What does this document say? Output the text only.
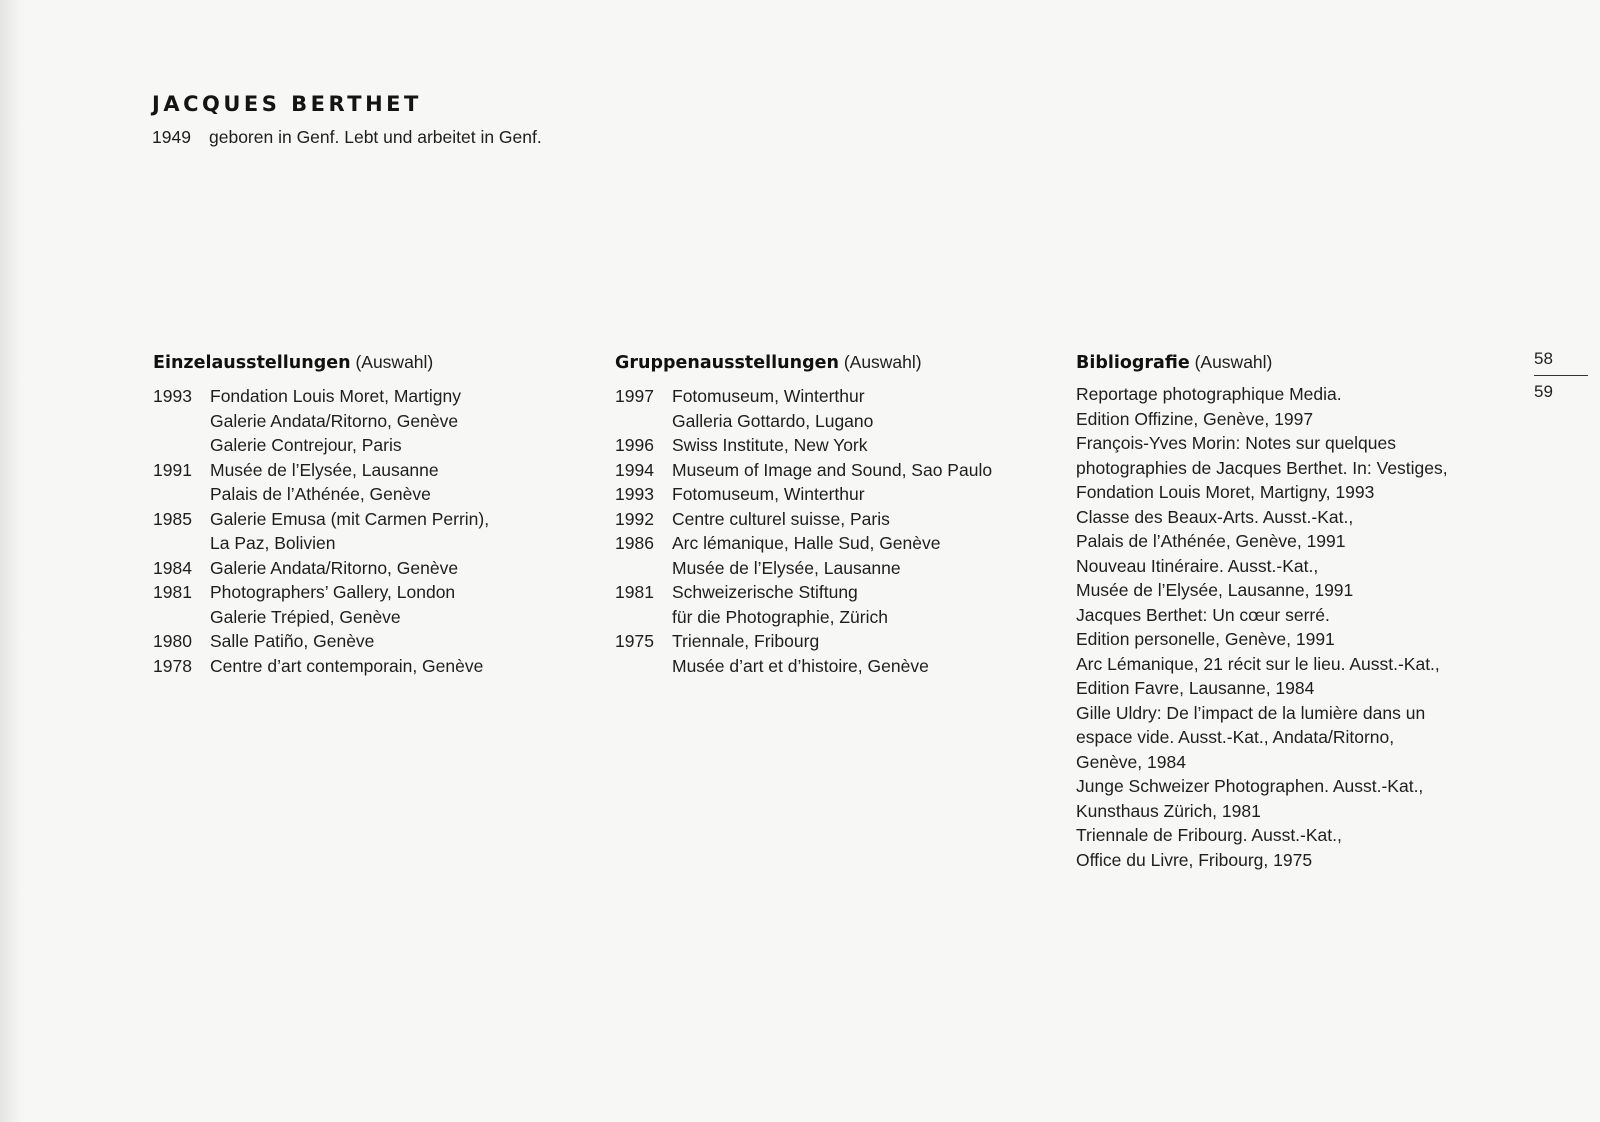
JACQUES BERTHET
1949 geboren in Genf. Lebt und arbeitet in Genf.
Einzelausstellungen (Auswahl)
1993	Fondation Louis Moret, Martigny
Galerie Andata/Ritorno, Genève
Galerie Contrejour, Paris
1991	Musée de l’Elysée, Lausanne
Palais de l’Athénée, Genève
1985	Galerie Emusa (mit Carmen Perrin),
La Paz, Bolivien
1984	Galerie Andata/Ritorno, Genève
1981	Photographers’ Gallery, London
Galerie Trépied, Genève
1980	Salle Patiño, Genève
1978	Centre d’art contemporain, Genève
Gruppenausstellungen (Auswahl)
1997	Fotomuseum, Winterthur
Galleria Gottardo, Lugano
1996	Swiss Institute, New York
1994	Museum of Image and Sound, Sao Paulo
1993	Fotomuseum, Winterthur
1992	Centre culturel suisse, Paris
1986	Arc lémanique, Halle Sud, Genève
Musée de l’Elysée, Lausanne
1981	Schweizerische Stiftung
für die Photographie, Zürich
1975	Triennale, Fribourg
Musée d’art et d’histoire, Genève
Bibliografie (Auswahl)
Reportage photographique Media.
Edition Offizine, Genève, 1997
François-Yves Morin: Notes sur quelques
photographies de Jacques Berthet. In: Vestiges,
Fondation Louis Moret, Martigny, 1993
Classe des Beaux-Arts. Ausst.-Kat.,
Palais de l’Athénée, Genève, 1991
Nouveau Itinéraire. Ausst.-Kat.,
Musée de l’Elysée, Lausanne, 1991
Jacques Berthet: Un cœur serré.
Edition personelle, Genève, 1991
Arc Lémanique, 21 récit sur le lieu. Ausst.-Kat.,
Edition Favre, Lausanne, 1984
Gille Uldry: De l’impact de la lumière dans un
espace vide. Ausst.-Kat., Andata/Ritorno,
Genève, 1984
Junge Schweizer Photographen. Ausst.-Kat.,
Kunsthaus Zürich, 1981
Triennale de Fribourg. Ausst.-Kat.,
Office du Livre, Fribourg, 1975
58
59
